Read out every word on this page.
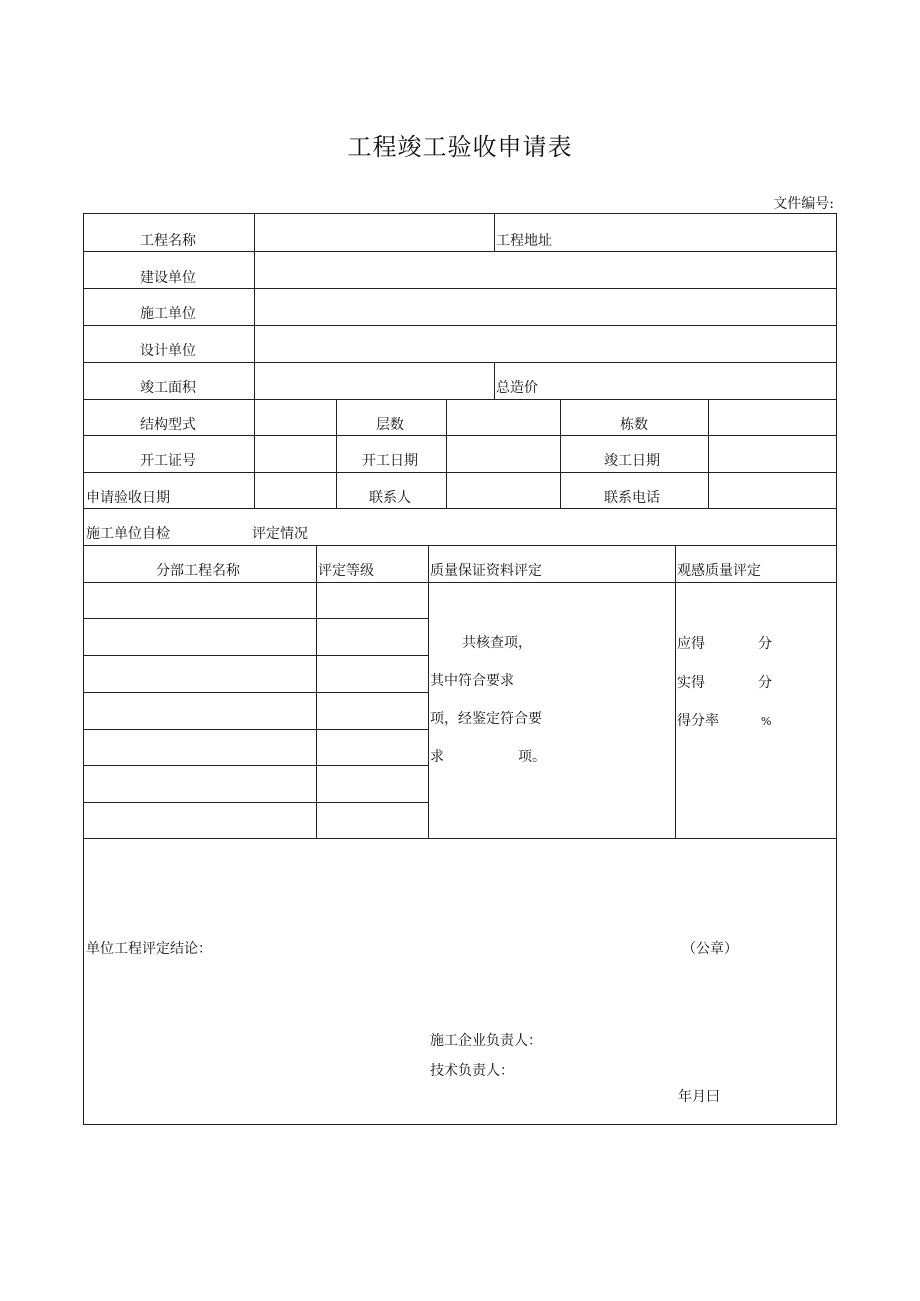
工程竣工验收申请表
文件编号:
工程名称	工程地址
建设单位
施工单位
设计单位
竣工面积	总造价
结构型式	层数	栋数
开工证号	开工日期	竣工日期
申请验收日期	联系人	联系电话
施工单位自检	评定情况
分部工程名称	评定等级	质量保证资料评定	观感质量评定
共核查项，
其中符合要求
项，经鉴定符合要
求	项。
应得	分
实得	分
得分率	%
单位工程评定结论：	（公章）
施工企业负责人：
技术负责人：
年月曰
